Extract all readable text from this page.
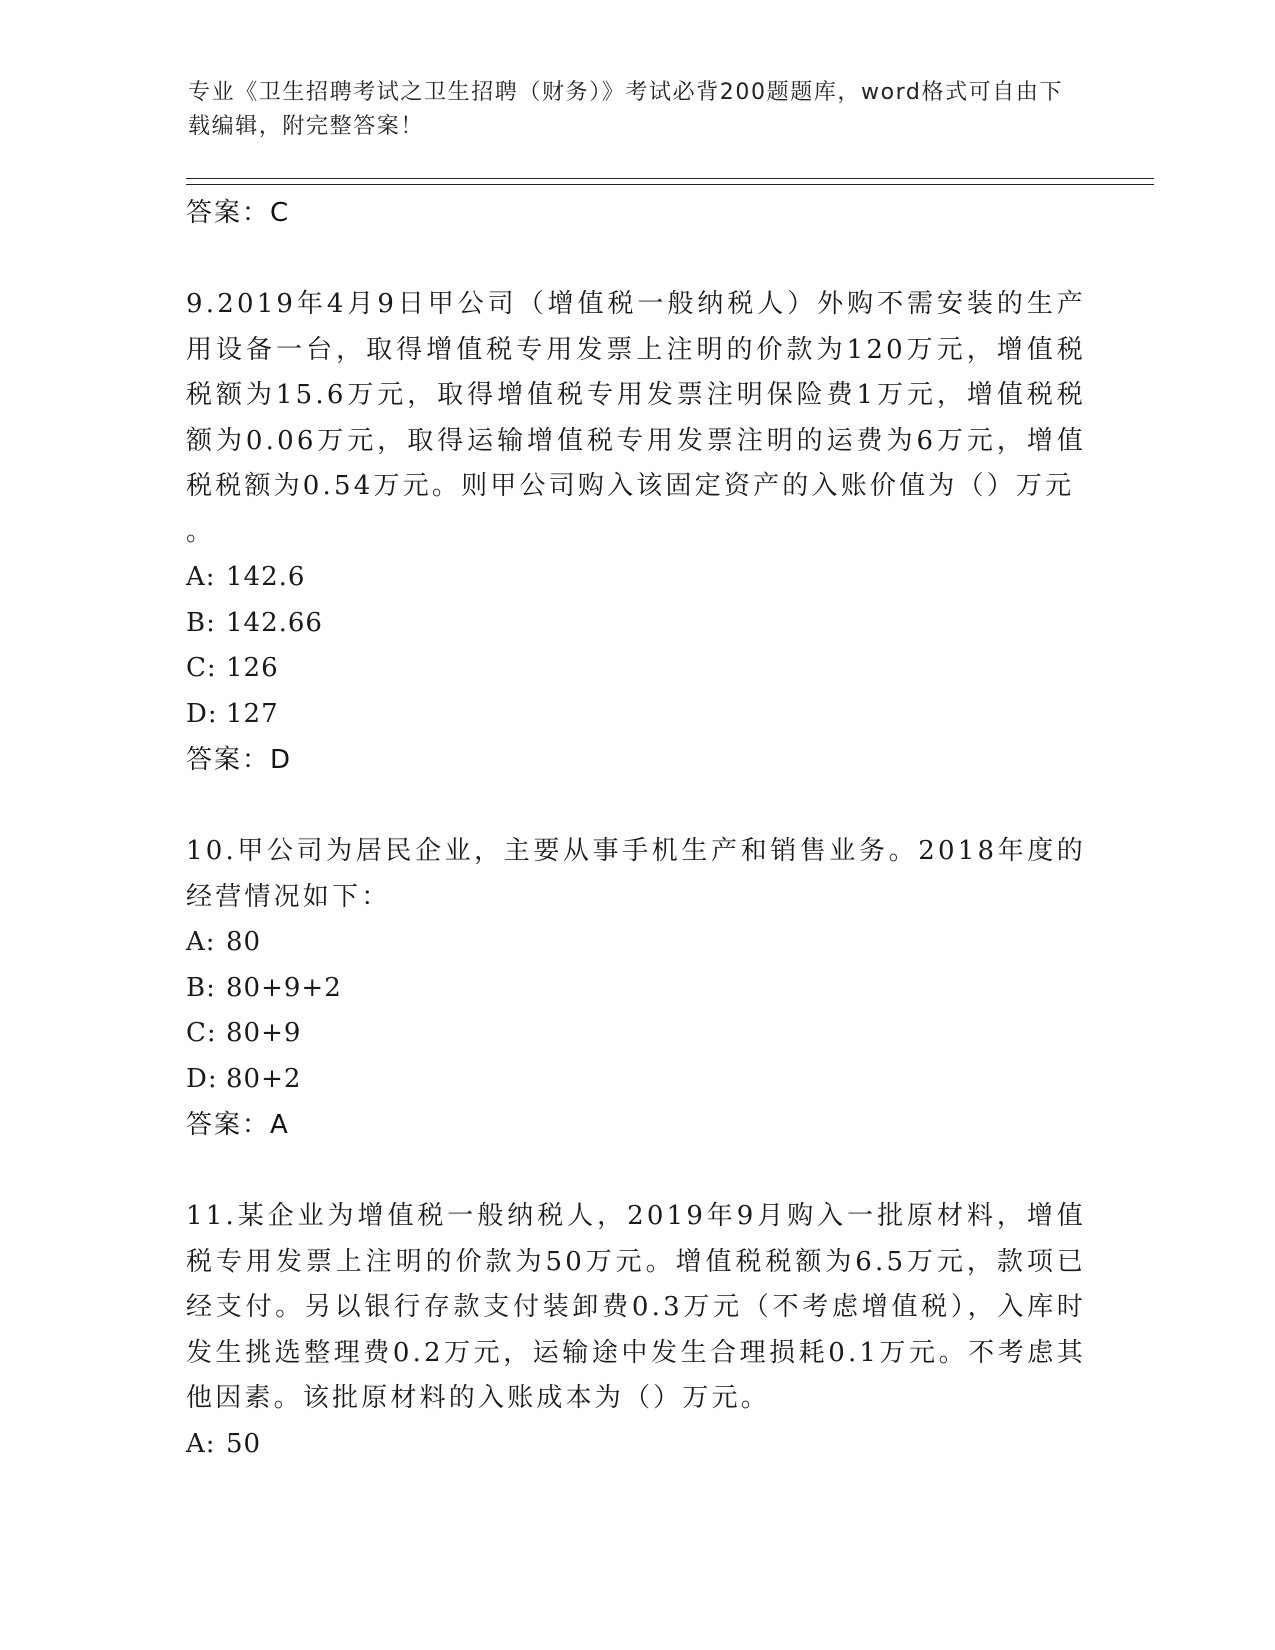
专业《卫生招聘考试之卫生招聘（财务）》考试必背200题题库，word格式可自由下载编辑，附完整答案！
答案：C
9.2019年4月9日甲公司（增值税一般纳税人）外购不需安装的生产用设备一台，取得增值税专用发票上注明的价款为120万元，增值税税额为15.6万元，取得增值税专用发票注明保险费1万元，增值税税额为0.06万元，取得运输增值税专用发票注明的运费为6万元，增值税税额为0.54万元。则甲公司购入该固定资产的入账价值为（）万元
。
A: 142.6
B: 142.66
C: 126
D: 127
答案：D
10.甲公司为居民企业，主要从事手机生产和销售业务。2018年度的经营情况如下：
A: 80
B: 80+9+2
C: 80+9
D: 80+2
答案：A
11.某企业为增值税一般纳税人，2019年9月购入一批原材料，增值税专用发票上注明的价款为50万元。增值税税额为6.5万元，款项已经支付。另以银行存款支付装卸费0.3万元（不考虑增值税），入库时发生挑选整理费0.2万元，运输途中发生合理损耗0.1万元。不考虑其他因素。该批原材料的入账成本为（）万元。
A: 50
